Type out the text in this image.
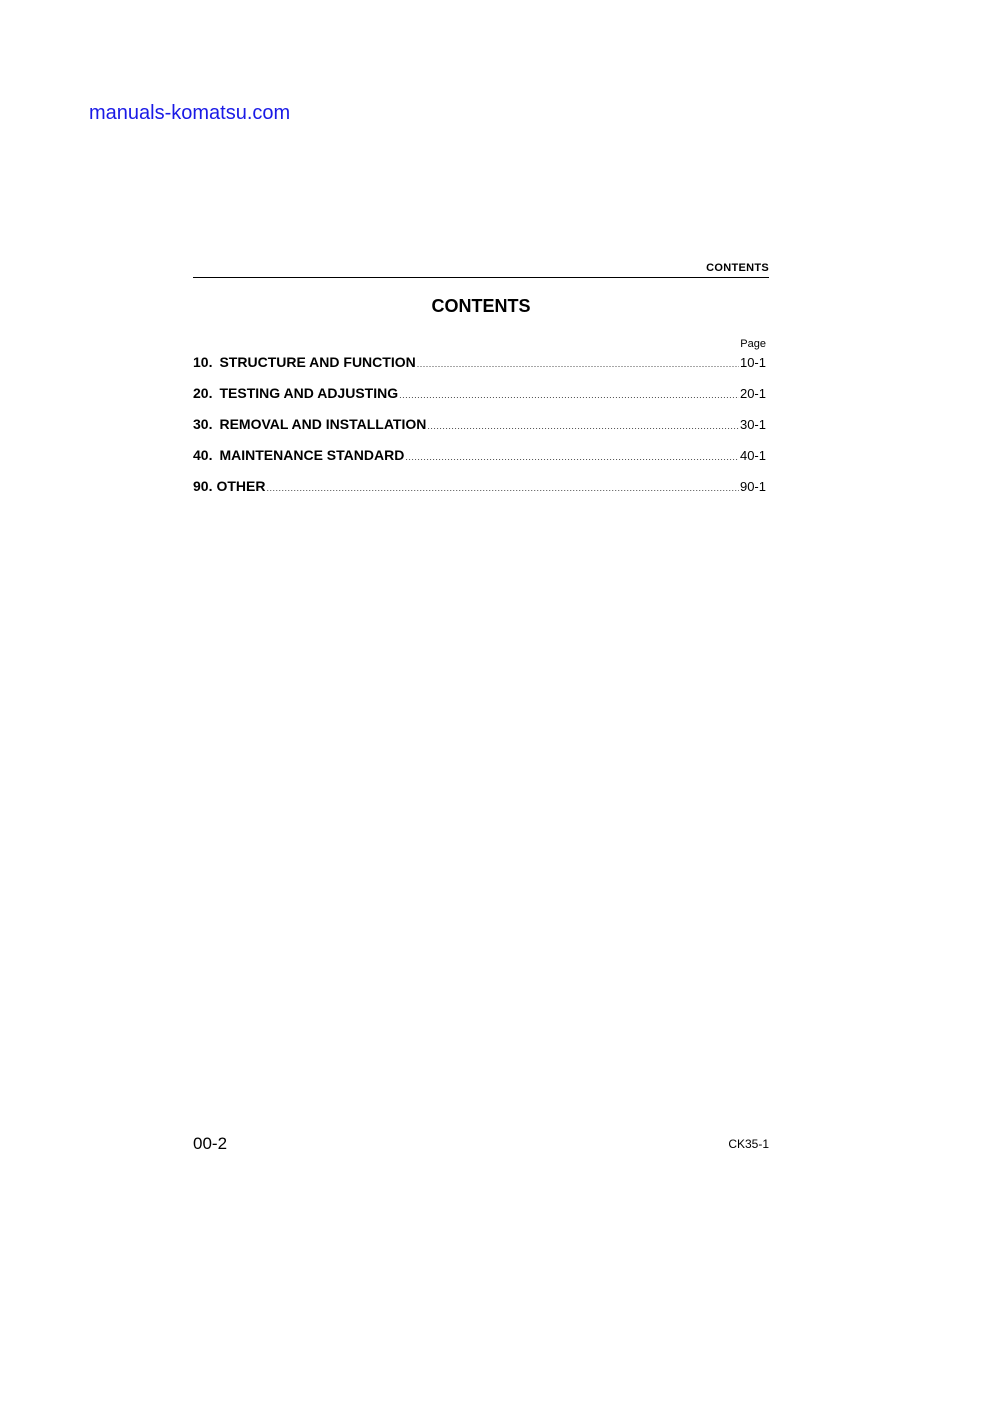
manuals-komatsu.com
CONTENTS
CONTENTS
Page
10. STRUCTURE AND FUNCTION .....	10-1
20. TESTING AND ADJUSTING .....	20-1
30. REMOVAL AND INSTALLATION .....	30-1
40. MAINTENANCE STANDARD .....	40-1
90. OTHER .....	90-1
00-2	CK35-1
